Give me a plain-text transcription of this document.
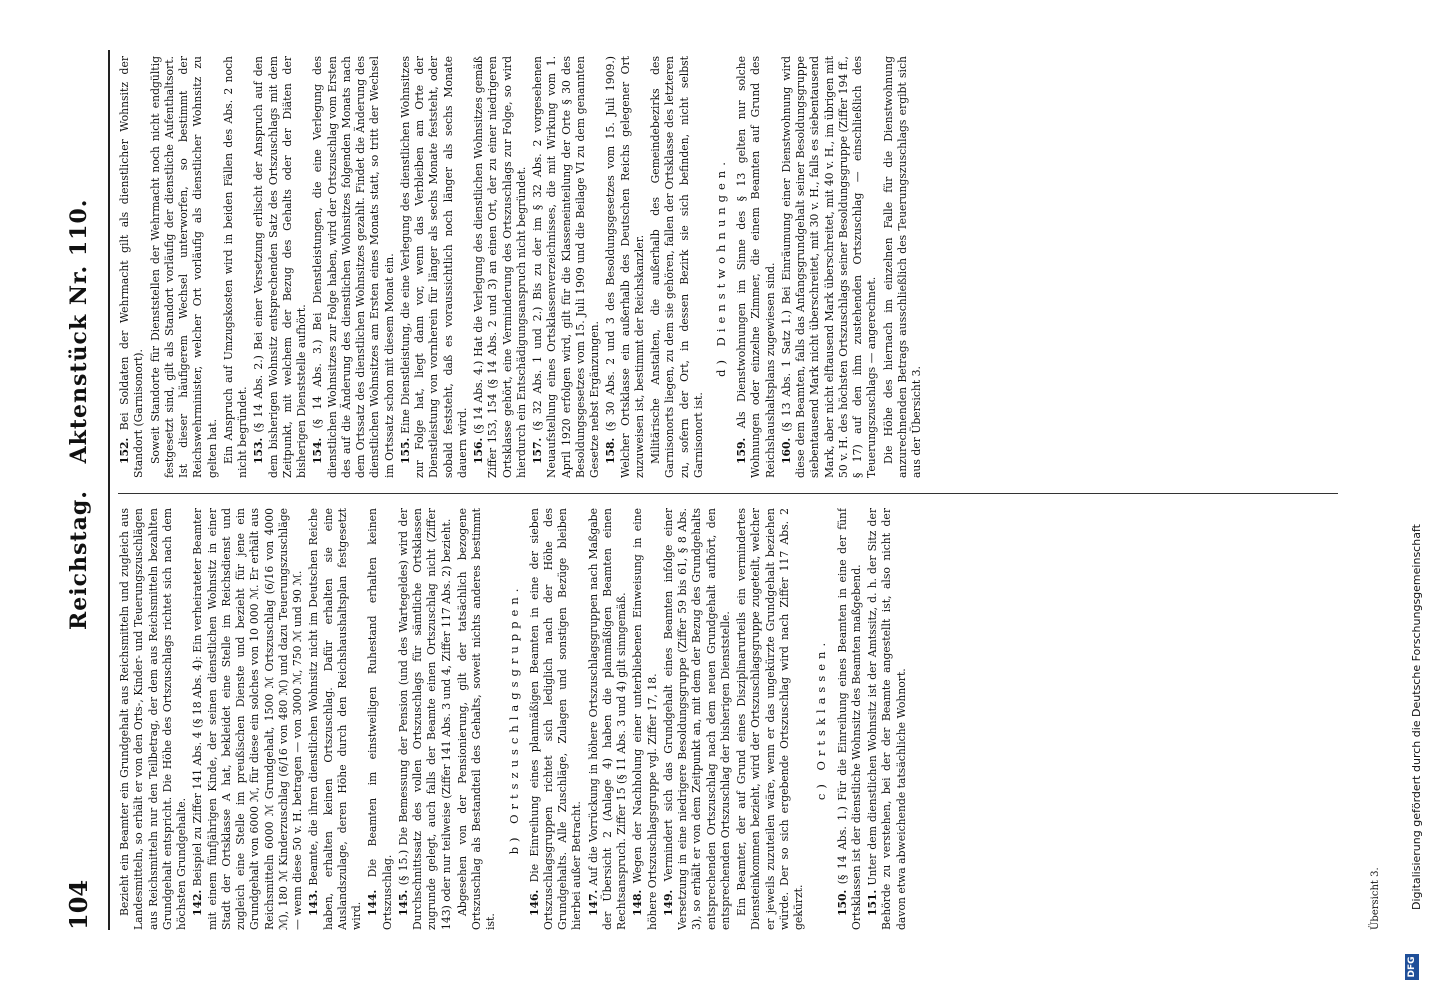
104
Reichstag. Aktenstück Nr. 110.

Bezieht ein Beamter ein Grundgehalt aus Reichsmitteln und zugleich aus Landesmitteln, so erhält er von den Orts-, Kinder- und Teuerungszuschlägen aus Reichsmitteln nur den Teilbetrag, der dem aus Reichsmitteln bezahlten Grundgehalt entspricht. Die Höhe des Ortszuschlags richtet sich nach dem höchsten Grundgehalte. 142. Beispiel zu Ziffer 141 Abs. 4 (§ 18 Abs. 4): Ein verheirateter Beamter mit einem fünfjährigen Kinde, der seinen dienstlichen Wohnsitz in einer Stadt der Ortsklasse A hat, bekleidet eine Stelle im Reichsdienst und zugleich eine Stelle im preußischen Dienste und bezieht für jene ein Grundgehalt von 6000 ℳ, für diese ein solches von 10 000 ℳ. Er erhält aus Reichsmitteln 6000 ℳ Grundgehalt, 1500 ℳ Ortszuschlag (6/16 von 4000 ℳ), 180 ℳ Kinderzuschlag (6/16 von 480 ℳ) und dazu Teuerungszuschläge — wenn diese 50 v. H. betragen — von 3000 ℳ, 750 ℳ und 90 ℳ. 143. Beamte, die ihren dienstlichen Wohnsitz nicht im Deutschen Reiche haben, erhalten keinen Ortszuschlag. Dafür erhalten sie eine Auslandszulage, deren Höhe durch den Reichshaushaltsplan festgesetzt wird. 144. Die Beamten im einstweiligen Ruhestand erhalten keinen Ortszuschlag. 145. (§ 15.) Die Bemessung der Pension (und des Wartegeldes) wird der Durchschnittssatz des vollen Ortszuschlags für sämtliche Ortsklassen zugrunde gelegt, auch falls der Beamte einen Ortszuschlag nicht (Ziffer 143) oder nur teilweise (Ziffer 141 Abs. 3 und 4, Ziffer 117 Abs. 2) bezieht. Abgesehen von der Pensionierung, gilt der tatsächlich bezogene Ortszuschlag als Bestandteil des Gehalts, soweit nichts anderes bestimmt ist.

b) Ortszuschlagsgruppen.

146. Die Einreihung eines planmäßigen Beamten in eine der sieben Ortszuschlagsgruppen richtet sich lediglich nach der Höhe des Grundgehalts. Alle Zuschläge, Zulagen und sonstigen Bezüge bleiben hierbei außer Betracht. 147. Auf die Vorrückung in höhere Ortszuschlagsgruppen nach Maßgabe der Übersicht 2 (Anlage 4) haben die planmäßigen Beamten einen Rechtsanspruch. Ziffer 15 (§ 11 Abs. 3 und 4) gilt sinngemäß. 148. Wegen der Nachholung einer unterbliebenen Einweisung in eine höhere Ortszuschlagsgruppe vgl. Ziffer 17, 18. 149. Vermindert sich das Grundgehalt eines Beamten infolge einer Versetzung in eine niedrigere Besoldungsgruppe (Ziffer 59 bis 61, § 8 Abs. 3), so erhält er von dem Zeitpunkt an, mit dem der Bezug des Grundgehalts entsprechenden Ortszuschlag nach dem neuen Grundgehalt aufhört, den entsprechenden Ortszuschlag der bisherigen Dienststelle. Ein Beamter, der auf Grund eines Disziplinarurteils ein vermindertes Diensteinkommen bezieht, wird der Ortszuschlagsgruppe zugeteilt, welcher er jeweils zuzuteilen wäre, wenn er das ungekürzte Grundgehalt beziehen würde. Der so sich ergebende Ortszuschlag wird nach Ziffer 117 Abs. 2 gekürzt.

c) Ortsklassen.

150. (§ 14 Abs. 1.) Für die Einreihung eines Beamten in eine der fünf Ortsklassen ist der dienstliche Wohnsitz des Beamten maßgebend. 151. Unter dem dienstlichen Wohnsitz ist der Amtssitz, d. h. der Sitz der Behörde zu verstehen, bei der der Beamte angestellt ist, also nicht der davon etwa abweichende tatsächliche Wohnort.

152. Bei Soldaten der Wehrmacht gilt als dienstlicher Wohnsitz der Standort (Garnisonort). Soweit Standorte für Dienststellen der Wehrmacht noch nicht endgültig festgesetzt sind, gilt als Standort vorläufig der dienstliche Aufenthaltsort. Ist dieser häufigerem Wechsel unterworfen, so bestimmt der Reichswehrminister, welcher Ort vorläufig als dienstlicher Wohnsitz zu gelten hat. Ein Anspruch auf Umzugskosten wird in beiden Fällen des Abs. 2 noch nicht begründet. 153. (§ 14 Abs. 2.) Bei einer Versetzung erlischt der Anspruch auf den dem bisherigen Wohnsitz entsprechenden Satz des Ortszuschlags mit dem Zeitpunkt, mit welchem der Bezug des Gehalts oder der Diäten der bisherigen Dienststelle aufhört. 154. (§ 14 Abs. 3.) Bei Dienstleistungen, die eine Verlegung des dienstlichen Wohnsitzes zur Folge haben, wird der Ortszuschlag vom Ersten des auf die Änderung des dienstlichen Wohnsitzes folgenden Monats nach dem Ortssatz des dienstlichen Wohnsitzes gezahlt. Findet die Änderung des dienstlichen Wohnsitzes am Ersten eines Monats statt, so tritt der Wechsel im Ortssatz schon mit diesem Monat ein. 155. Eine Dienstleistung, die eine Verlegung des dienstlichen Wohnsitzes zur Folge hat, liegt dann vor, wenn das Verbleiben am Orte der Dienstleistung von vornherein für länger als sechs Monate feststeht, oder sobald feststeht, daß es voraussichtlich noch länger als sechs Monate dauern wird. 156. (§ 14 Abs. 4.) Hat die Verlegung des dienstlichen Wohnsitzes gemäß Ziffer 153, 154 (§ 14 Abs. 2 und 3) an einen Ort, der zu einer niedrigeren Ortsklasse gehört, eine Verminderung des Ortszuschlags zur Folge, so wird hierdurch ein Entschädigungsanspruch nicht begründet. 157. (§ 32 Abs. 1 und 2.) Bis zu der im § 32 Abs. 2 vorgesehenen Neuaufstellung eines Ortsklassenverzeichnisses, die mit Wirkung vom 1. April 1920 erfolgen wird, gilt für die Klasseneinteilung der Orte § 30 des Besoldungsgesetzes vom 15. Juli 1909 und die Beilage VI zu dem genannten Gesetze nebst Ergänzungen. 158. (§ 30 Abs. 2 und 3 des Besoldungsgesetzes vom 15. Juli 1909.) Welcher Ortsklasse ein außerhalb des Deutschen Reichs gelegener Ort zuzuweisen ist, bestimmt der Reichskanzler. Militärische Anstalten, die außerhalb des Gemeindebezirks des Garnisonorts liegen, zu dem sie gehören, fallen der Ortsklasse des letzteren zu, sofern der Ort, in dessen Bezirk sie sich befinden, nicht selbst Garnisonort ist.

d) Dienstwohnungen.

159. Als Dienstwohnungen im Sinne des § 13 gelten nur solche Wohnungen oder einzelne Zimmer, die einem Beamten auf Grund des Reichshaushaltsplans zugewiesen sind. 160. (§ 13 Abs. 1 Satz 1.) Bei Einräumung einer Dienstwohnung wird diese dem Beamten, falls das Anfangsgrundgehalt seiner Besoldungsgruppe siebentausend Mark nicht überschreitet, mit 30 v. H., falls es siebentausend Mark, aber nicht elftausend Mark überschreitet, mit 40 v. H., im übrigen mit 50 v. H. des höchsten Ortszuschlags seiner Besoldungsgruppe (Ziffer 194 ff., § 17) auf den ihm zustehenden Ortszuschlag — einschließlich des Teuerungszuschlags — angerechnet. Die Höhe des hiernach im einzelnen Falle für die Dienstwohnung anzurechnenden Betrags ausschließlich des Teuerungszuschlags ergibt sich aus der Übersicht 3.

Übersicht 3.
DFG
Digitalisierung gefördert durch die Deutsche Forschungsgemeinschaft
